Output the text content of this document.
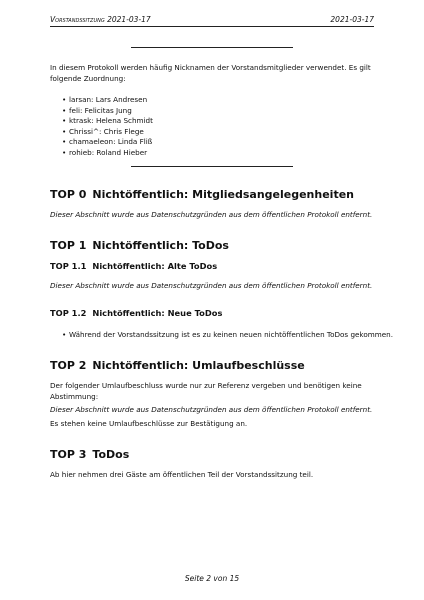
Vorstandssitzung 2021-03-17	2021-03-17
In diesem Protokoll werden häufig Nicknamen der Vorstandsmitglieder verwendet. Es gilt folgende Zuordnung:
• larsan: Lars Andresen
• feli: Felicitas Jung
• ktrask: Helena Schmidt
• Chrissi^: Chris Flege
• chamaeleon: Linda Fliß
• rohieb: Roland Hieber
TOP 0 Nichtöffentlich: Mitgliedsangelegenheiten
Dieser Abschnitt wurde aus Datenschutzgründen aus dem öffentlichen Protokoll entfernt.
TOP 1 Nichtöffentlich: ToDos
TOP 1.1 Nichtöffentlich: Alte ToDos
Dieser Abschnitt wurde aus Datenschutzgründen aus dem öffentlichen Protokoll entfernt.
TOP 1.2 Nichtöffentlich: Neue ToDos
• Während der Vorstandssitzung ist es zu keinen neuen nichtöffentlichen ToDos gekommen.
TOP 2 Nichtöffentlich: Umlaufbeschlüsse
Der folgender Umlaufbeschluss wurde nur zur Referenz vergeben und benötigen keine Abstimmung:
Dieser Abschnitt wurde aus Datenschutzgründen aus dem öffentlichen Protokoll entfernt.
Es stehen keine Umlaufbeschlüsse zur Bestätigung an.
TOP 3 ToDos
Ab hier nehmen drei Gäste am öffentlichen Teil der Vorstandssitzung teil.
Seite 2 von 15
